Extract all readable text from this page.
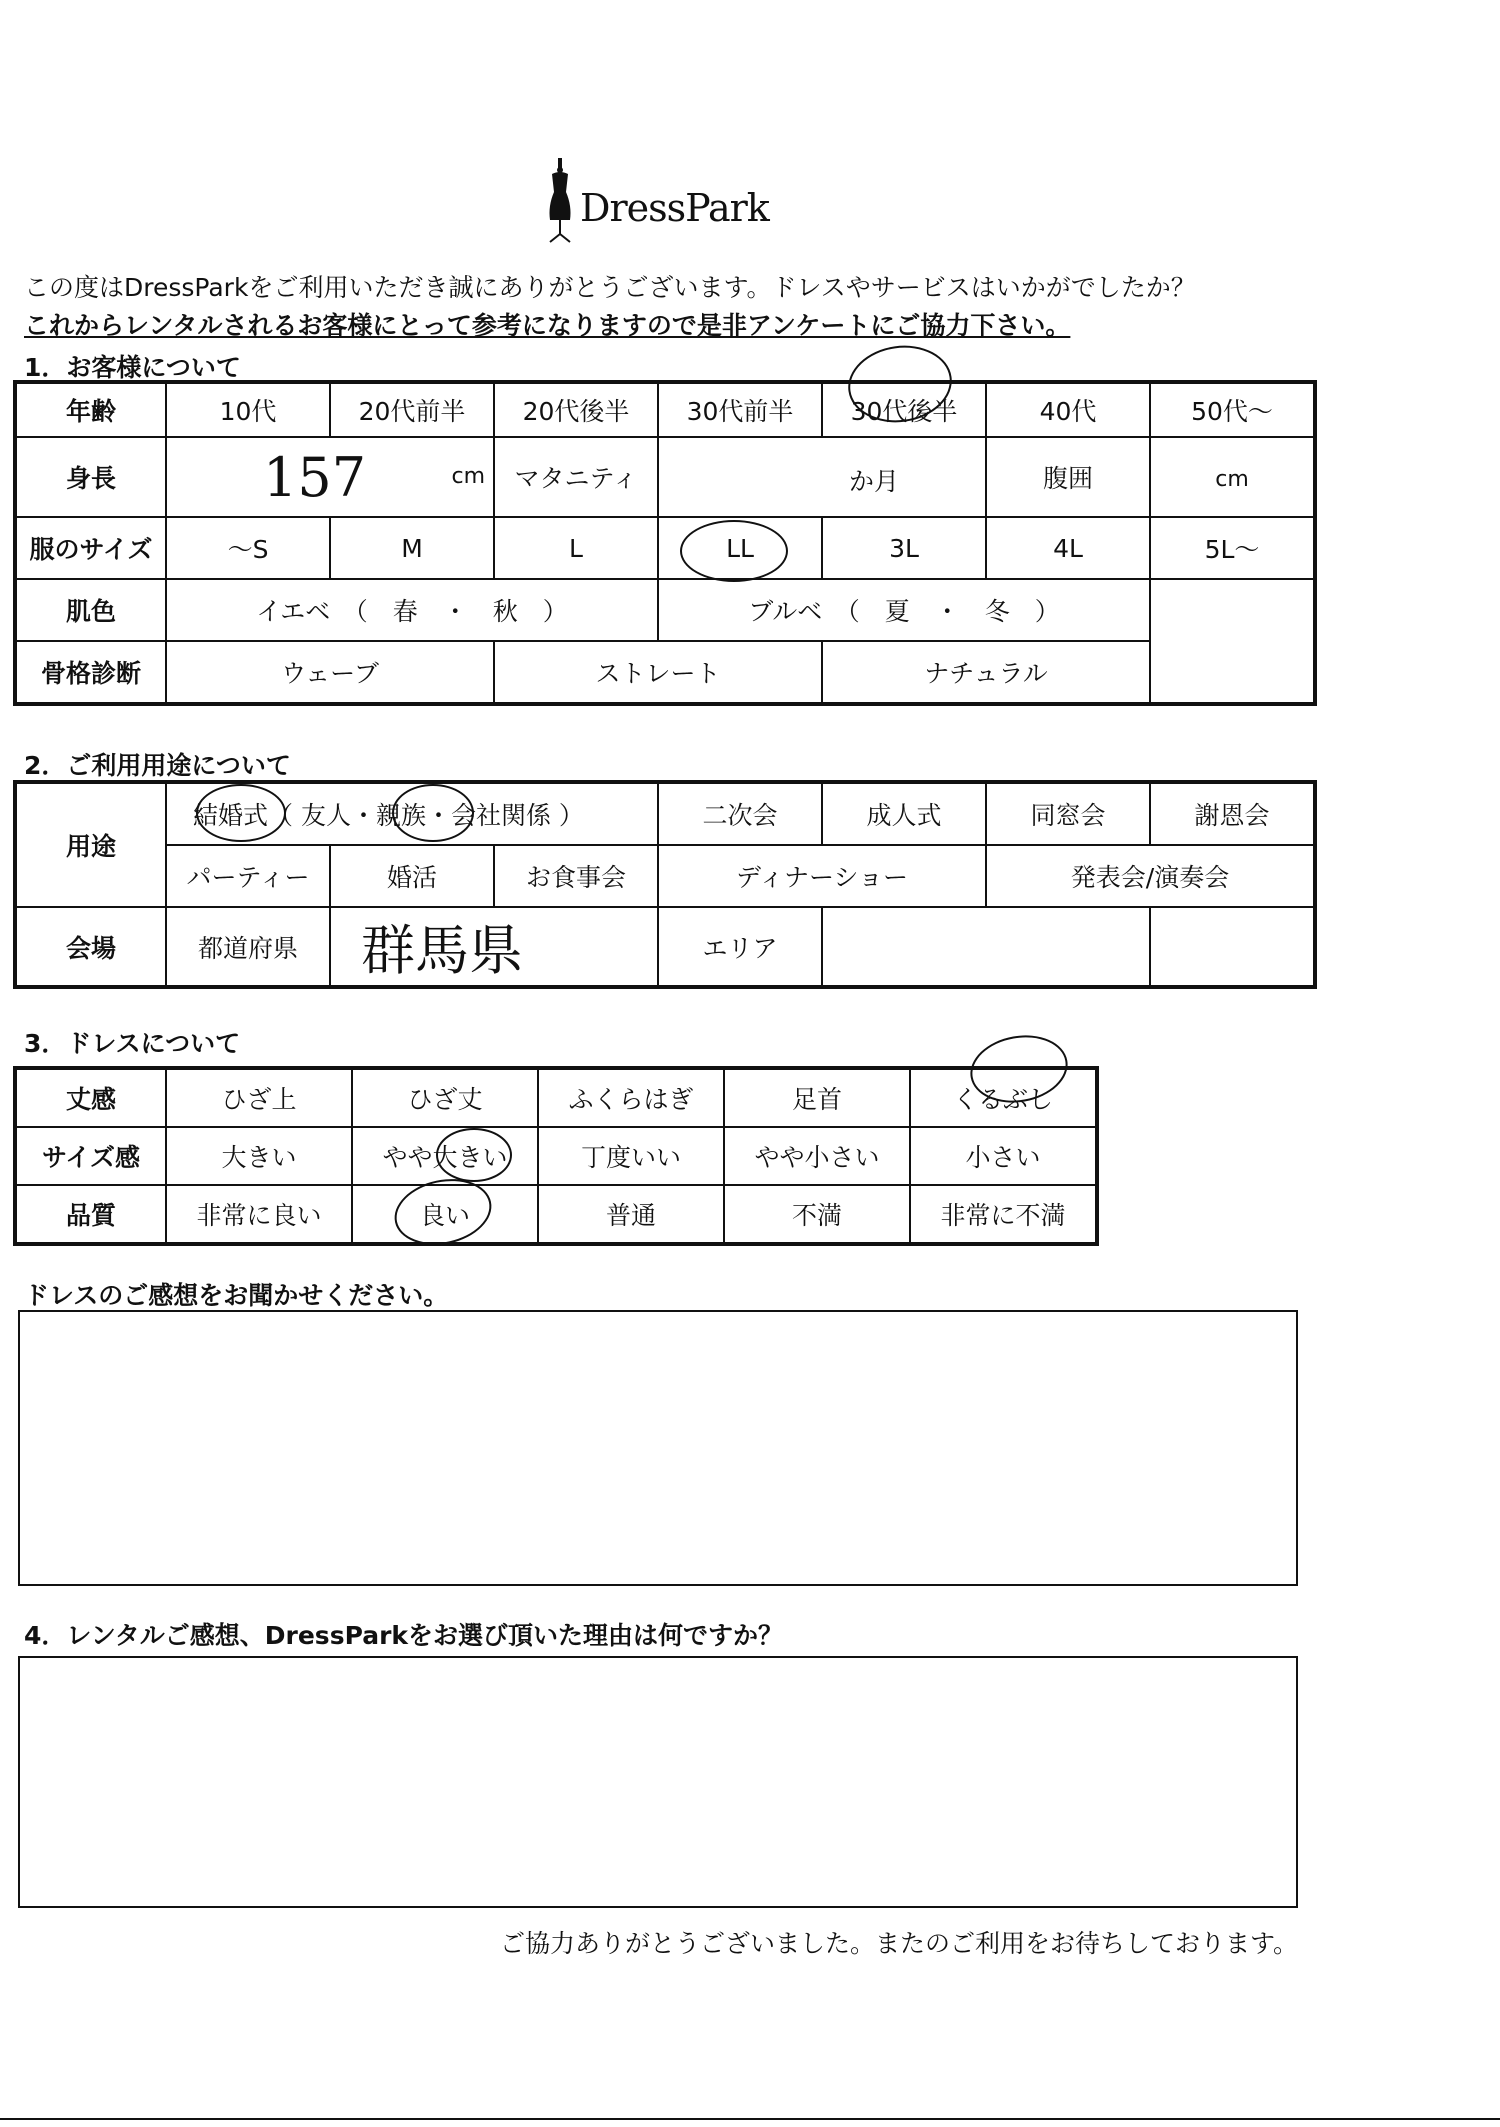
DressPark
この度はDressParkをご利用いただき誠にありがとうございます。ドレスやサービスはいかがでしたか？
これからレンタルされるお客様にとって参考になりますので是非アンケートにご協力下さい。
1．お客様について
年齢	10代	20代前半	20代後半	30代前半	30代後半	40代	50代～
身長	157 cm		マタニティ	か月		腹囲	cm
服のサイズ	～S	M	L	LL	3L	4L	5L～
肌色	イエベ　（　春　・　秋　）			ブルベ　（　夏　・　冬　）			
骨格診断	ウェーブ		ストレート		ナチュラル		
2．ご利用用途について
用途	結婚式（ 友人・親族・会社関係 ）			二次会	成人式	同窓会	謝恩会
	パーティー	婚活	お食事会	ディナーショー		発表会/演奏会	
会場	都道府県	群馬県		エリア			
3．ドレスについて
丈感	ひざ上	ひざ丈	ふくらはぎ	足首	くるぶし
サイズ感	大きい	やや大きい	丁度いい	やや小さい	小さい
品質	非常に良い	良い	普通	不満	非常に不満
ドレスのご感想をお聞かせください。
4．レンタルご感想、DressParkをお選び頂いた理由は何ですか？
ご協力ありがとうございました。またのご利用をお待ちしております。
